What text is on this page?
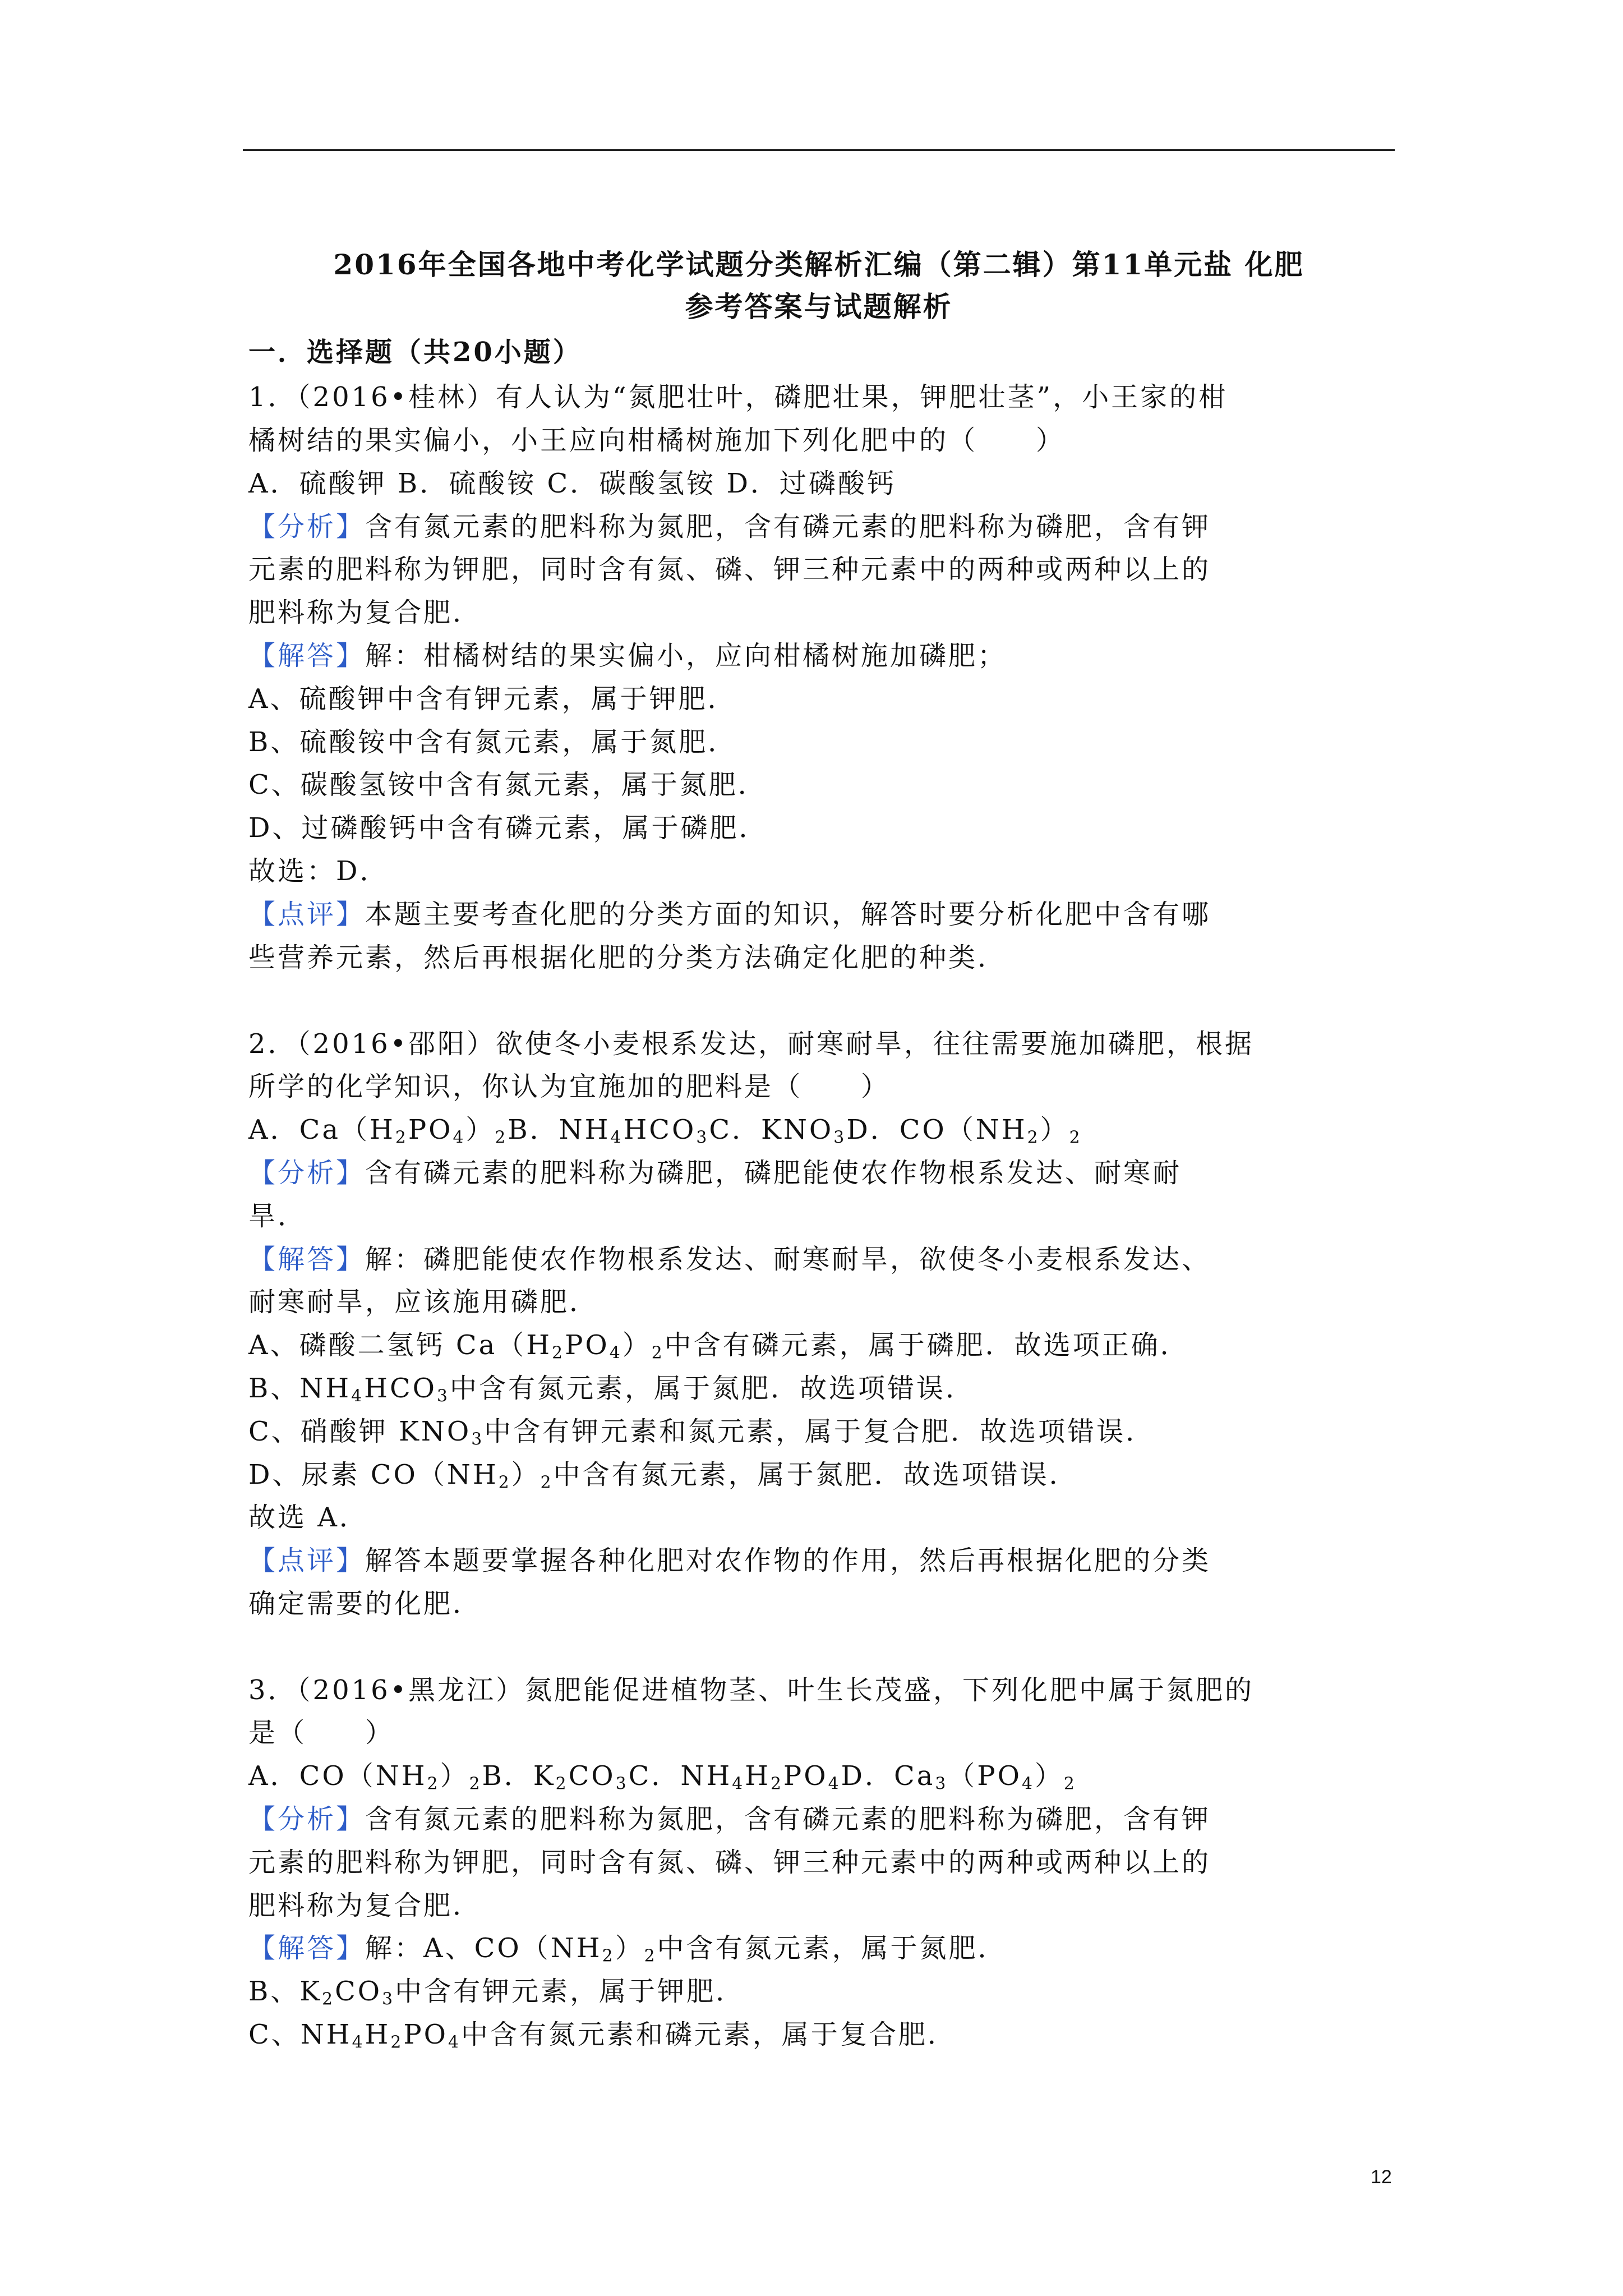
2016年全国各地中考化学试题分类解析汇编（第二辑）第11单元盐 化肥
参考答案与试题解析
一．选择题（共20小题）
1．（2016•桂林）有人认为“氮肥壮叶，磷肥壮果，钾肥壮茎”，小王家的柑
橘树结的果实偏小，小王应向柑橘树施加下列化肥中的（　　）
A．硫酸钾 B．硫酸铵 C．碳酸氢铵 D．过磷酸钙
【分析】含有氮元素的肥料称为氮肥，含有磷元素的肥料称为磷肥，含有钾
元素的肥料称为钾肥，同时含有氮、磷、钾三种元素中的两种或两种以上的
肥料称为复合肥．
【解答】解：柑橘树结的果实偏小，应向柑橘树施加磷肥；
A、硫酸钾中含有钾元素，属于钾肥．
B、硫酸铵中含有氮元素，属于氮肥．
C、碳酸氢铵中含有氮元素，属于氮肥．
D、过磷酸钙中含有磷元素，属于磷肥．
故选：D．
【点评】本题主要考查化肥的分类方面的知识，解答时要分析化肥中含有哪
些营养元素，然后再根据化肥的分类方法确定化肥的种类．
2．（2016•邵阳）欲使冬小麦根系发达，耐寒耐旱，往往需要施加磷肥，根据
所学的化学知识，你认为宜施加的肥料是（　　）
A．$Ca(H_2PO_4)_2B$．$NH_4HCO_3C$．$KNO_3D$．$CO(NH_2)_2$
【分析】含有磷元素的肥料称为磷肥，磷肥能使农作物根系发达、耐寒耐
旱．
【解答】解：磷肥能使农作物根系发达、耐寒耐旱，欲使冬小麦根系发达、
耐寒耐旱，应该施用磷肥．
A、磷酸二氢钙 $Ca(H_2PO_4)_2$中含有磷元素，属于磷肥．故选项正确．
B、$NH_4HCO_3$中含有氮元素，属于氮肥．故选项错误．
C、硝酸钾 $KNO_3$中含有钾元素和氮元素，属于复合肥．故选项错误．
D、尿素 $CO(NH_2)_2$中含有氮元素，属于氮肥．故选项错误．
故选 A．
【点评】解答本题要掌握各种化肥对农作物的作用，然后再根据化肥的分类
确定需要的化肥．
3．（2016•黑龙江）氮肥能促进植物茎、叶生长茂盛，下列化肥中属于氮肥的
是（　　）
A．$CO(NH_2)_2B$．$K_2CO_3C$．$NH_4H_2PO_4D$．$Ca_3(PO_4)_2$
【分析】含有氮元素的肥料称为氮肥，含有磷元素的肥料称为磷肥，含有钾
元素的肥料称为钾肥，同时含有氮、磷、钾三种元素中的两种或两种以上的
肥料称为复合肥．
【解答】解：A、$CO(NH_2)_2$中含有氮元素，属于氮肥．
B、$K_2CO_3$中含有钾元素，属于钾肥．
C、$NH_4H_2PO_4$中含有氮元素和磷元素，属于复合肥．
12
